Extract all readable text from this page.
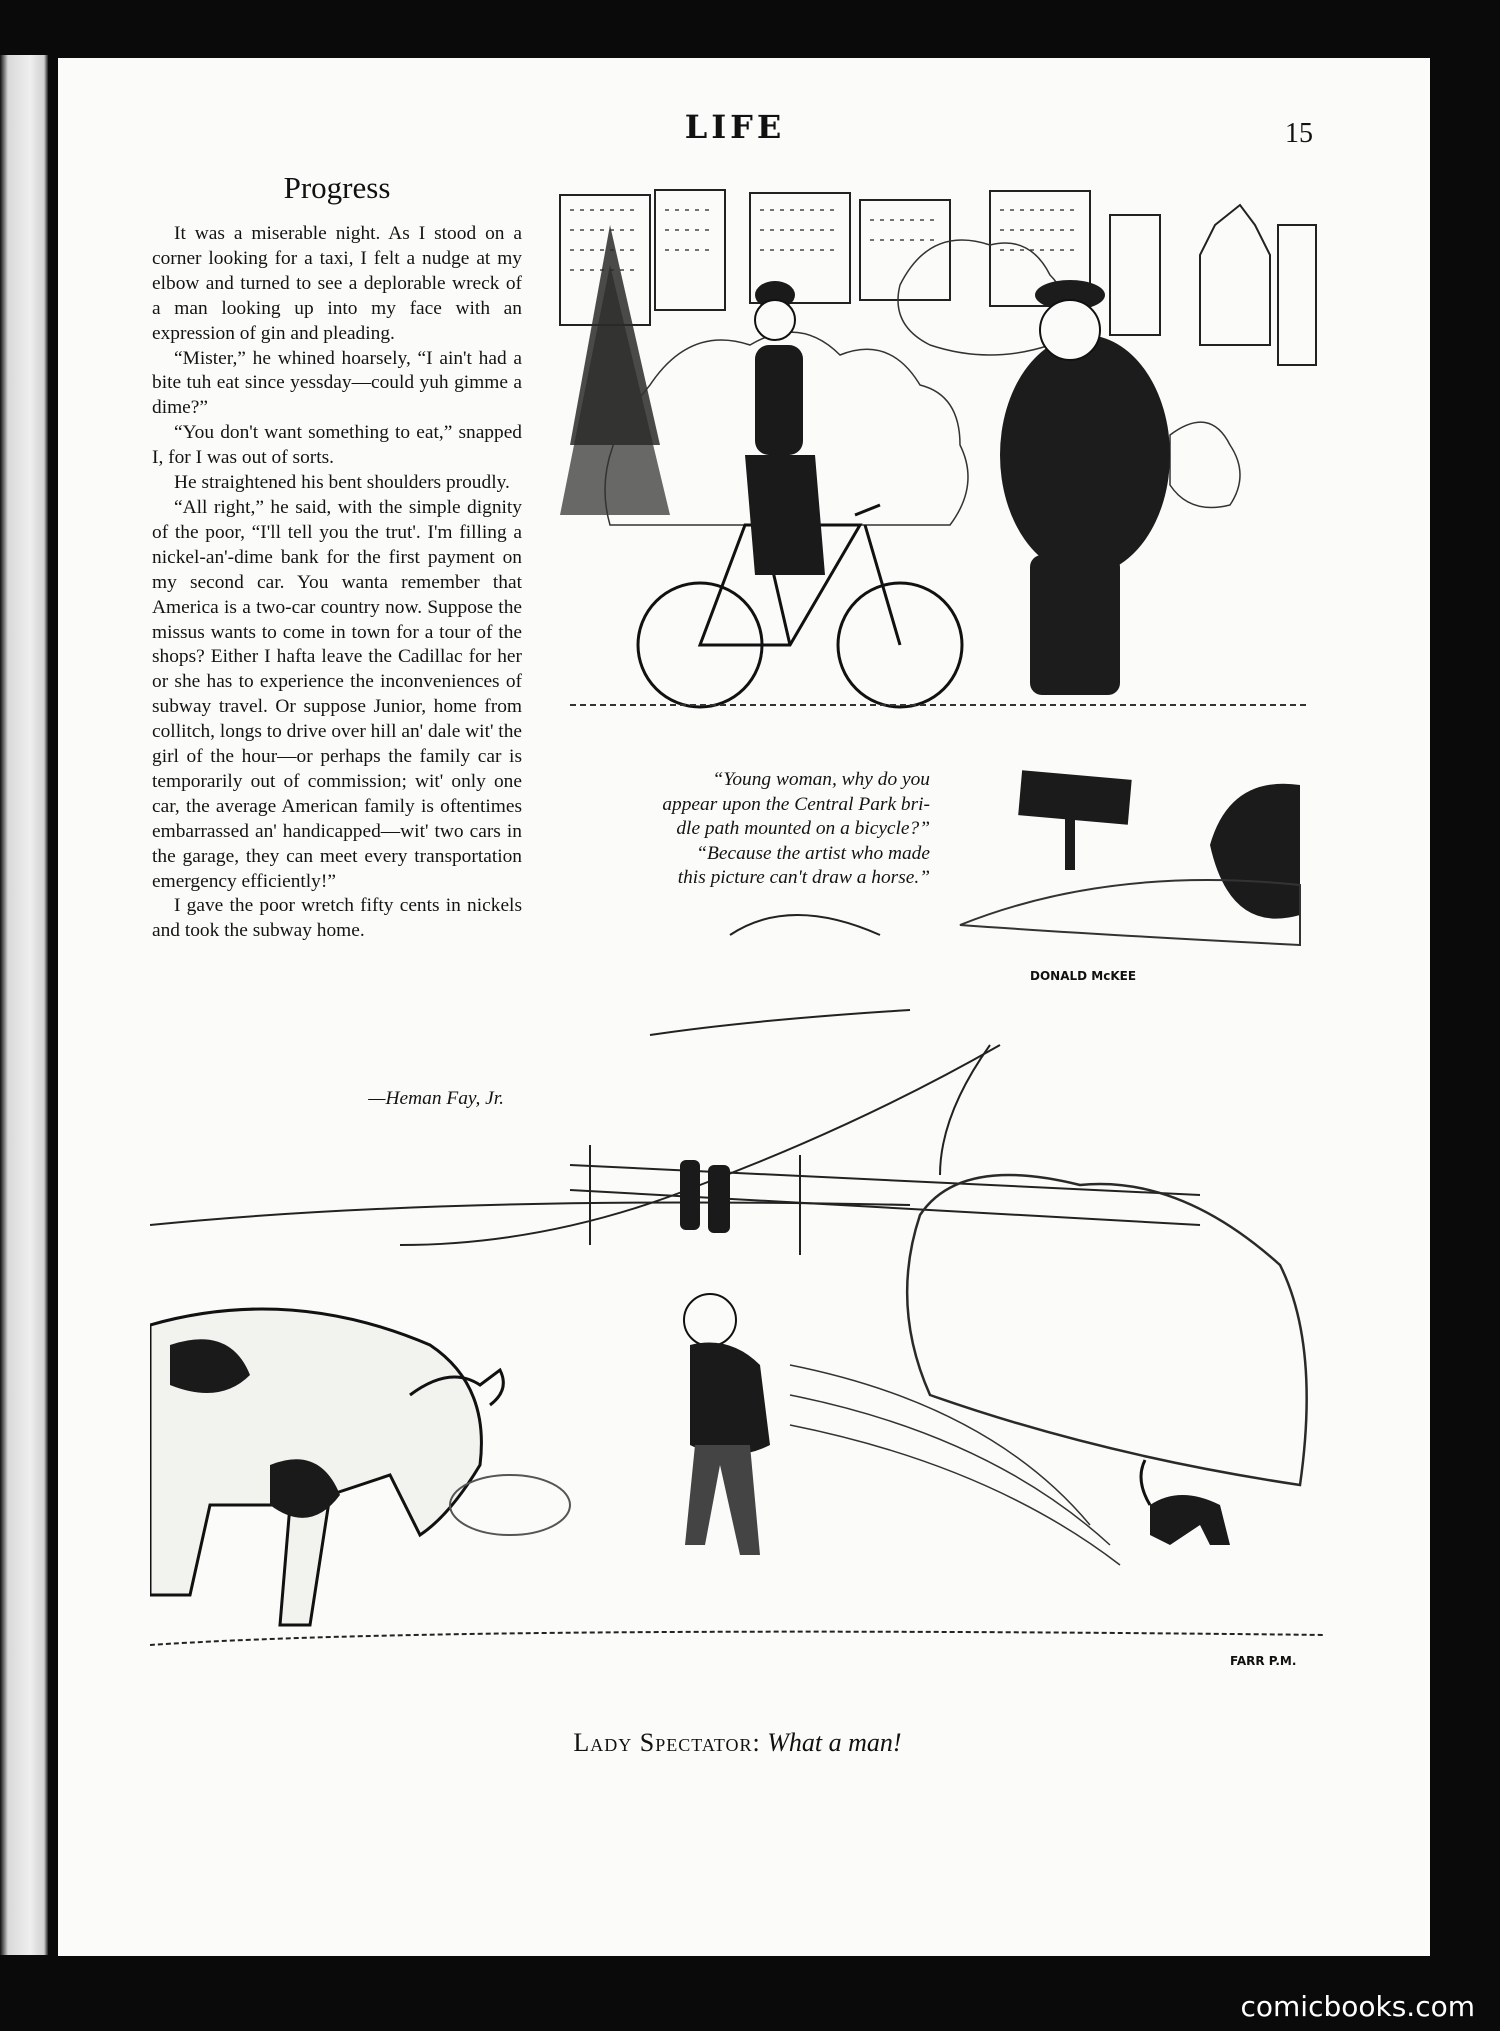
LIFE	15
Progress

It was a miserable night. As I stood on a corner looking for a taxi, I felt a nudge at my elbow and turned to see a deplorable wreck of a man looking up into my face with an expression of gin and pleading.

“Mister,” he whined hoarsely, “I ain't had a bite tuh eat since yessday—could yuh gimme a dime?”

“You don't want something to eat,” snapped I, for I was out of sorts.

He straightened his bent shoulders proudly.

“All right,” he said, with the simple dignity of the poor, “I'll tell you the trut'. I'm filling a nickel-an'-dime bank for the first payment on my second car. You wanta remember that America is a two-car country now. Suppose the missus wants to come in town for a tour of the shops? Either I hafta leave the Cadillac for her or she has to experience the inconveniences of subway travel. Or suppose Junior, home from collitch, longs to drive over hill an' dale wit' the girl of the hour—or perhaps the family car is temporarily out of commission; wit' only one car, the average American family is oftentimes embarrassed an' handicapped—wit' two cars in the garage, they can meet every transportation emergency efficiently!”

I gave the poor wretch fifty cents in nickels and took the subway home.

—Heman Fay, Jr.
“Young woman, why do you
appear upon the Central Park bri-
dle path mounted on a bicycle?”
“Because the artist who made
this picture can't draw a horse.”
DONALD McKEE
FARR P.M.
Lady Spectator: What a man!
comicbooks.com
